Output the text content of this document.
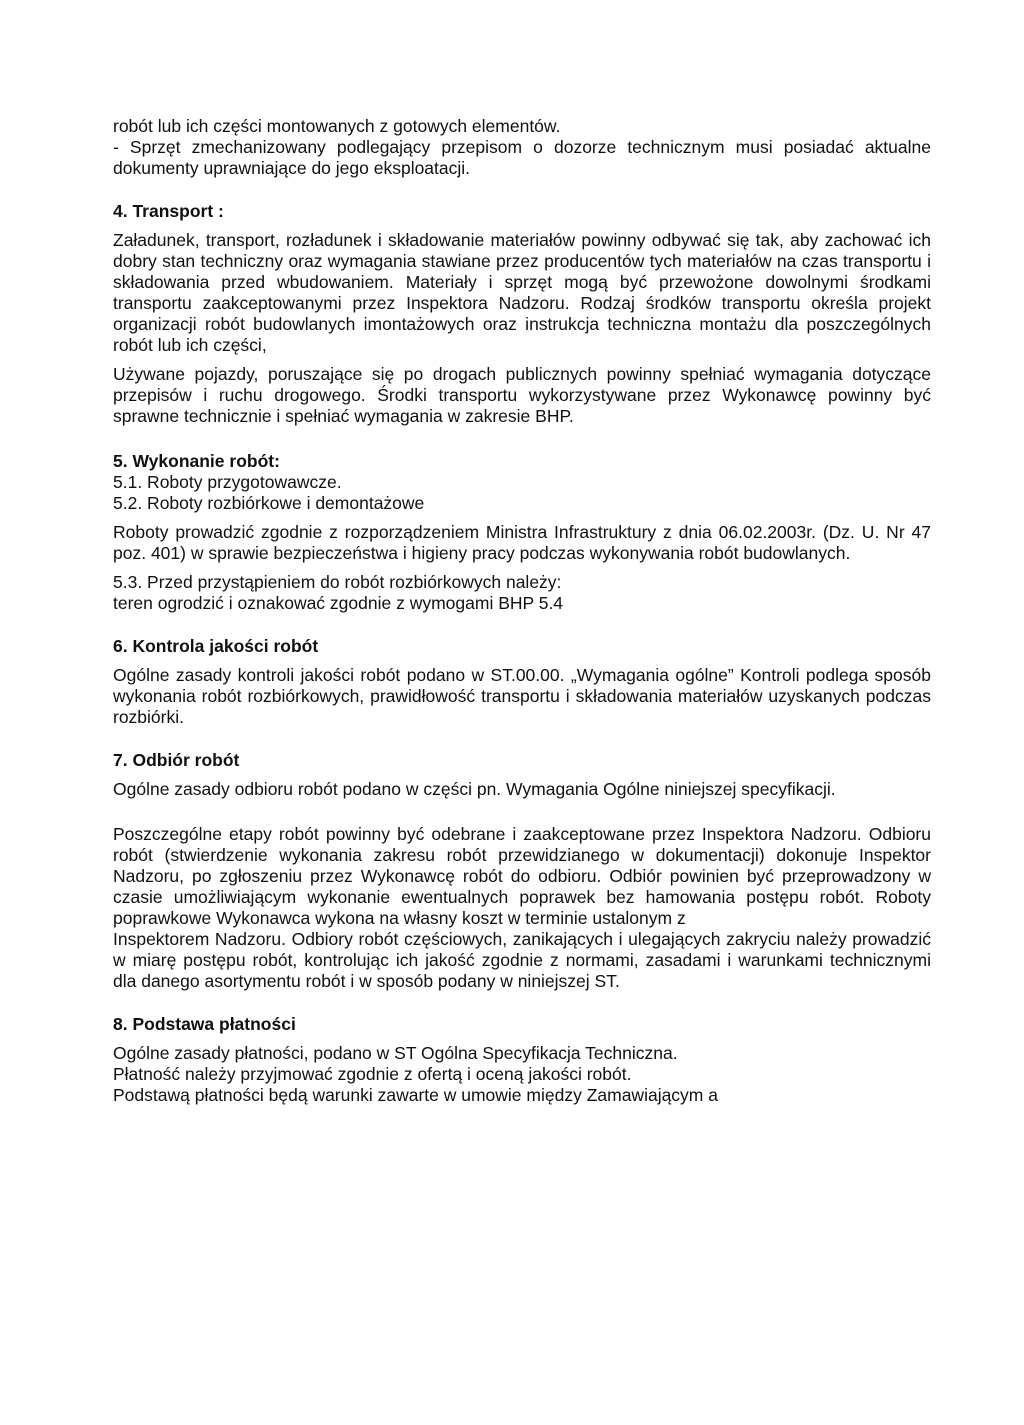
robót lub ich części montowanych z gotowych elementów.

- Sprzęt zmechanizowany podlegający przepisom o dozorze technicznym musi posiadać aktualne dokumenty uprawniające do jego eksploatacji.

4. Transport :

Załadunek, transport, rozładunek i składowanie materiałów powinny odbywać się tak, aby zachować ich dobry stan techniczny oraz wymagania stawiane przez producentów tych materiałów na czas transportu i składowania przed wbudowaniem. Materiały i sprzęt mogą być przewożone dowolnymi środkami transportu zaakceptowanymi przez Inspektora Nadzoru. Rodzaj środków transportu określa projekt organizacji robót budowlanych imontażowych oraz instrukcja techniczna montażu dla poszczególnych robót lub ich części,

Używane pojazdy, poruszające się po drogach publicznych powinny spełniać wymagania dotyczące przepisów i ruchu drogowego. Środki transportu wykorzystywane przez Wykonawcę powinny być sprawne technicznie i spełniać wymagania w zakresie BHP.

5. Wykonanie robót:

5.1. Roboty przygotowawcze.

5.2. Roboty rozbiórkowe i demontażowe

Roboty prowadzić zgodnie z rozporządzeniem Ministra Infrastruktury z dnia 06.02.2003r. (Dz. U. Nr 47 poz. 401) w sprawie bezpieczeństwa i higieny pracy podczas wykonywania robót budowlanych.

5.3. Przed przystąpieniem do robót rozbiórkowych należy:

teren ogrodzić i oznakować zgodnie z wymogami BHP 5.4

6. Kontrola jakości robót

Ogólne zasady kontroli jakości robót podano w ST.00.00. „Wymagania ogólne” Kontroli podlega sposób wykonania robót rozbiórkowych, prawidłowość transportu i składowania materiałów uzyskanych podczas rozbiórki.

7. Odbiór robót

Ogólne zasady odbioru robót podano w części pn. Wymagania Ogólne niniejszej specyfikacji.

Poszczególne etapy robót powinny być odebrane i zaakceptowane przez Inspektora Nadzoru. Odbioru robót (stwierdzenie wykonania zakresu robót przewidzianego w dokumentacji) dokonuje Inspektor Nadzoru, po zgłoszeniu przez Wykonawcę robót do odbioru. Odbiór powinien być przeprowadzony w czasie umożliwiającym wykonanie ewentualnych poprawek bez hamowania postępu robót. Roboty poprawkowe Wykonawca wykona na własny koszt w terminie ustalonym z

Inspektorem Nadzoru. Odbiory robót częściowych, zanikających i ulegających zakryciu należy prowadzić w miarę postępu robót, kontrolując ich jakość zgodnie z normami, zasadami i warunkami technicznymi dla danego asortymentu robót i w sposób podany w niniejszej ST.

8. Podstawa płatności

Ogólne zasady płatności, podano w ST Ogólna Specyfikacja Techniczna.

Płatność należy przyjmować zgodnie z ofertą i oceną jakości robót.

Podstawą płatności będą warunki zawarte w umowie między Zamawiającym a
